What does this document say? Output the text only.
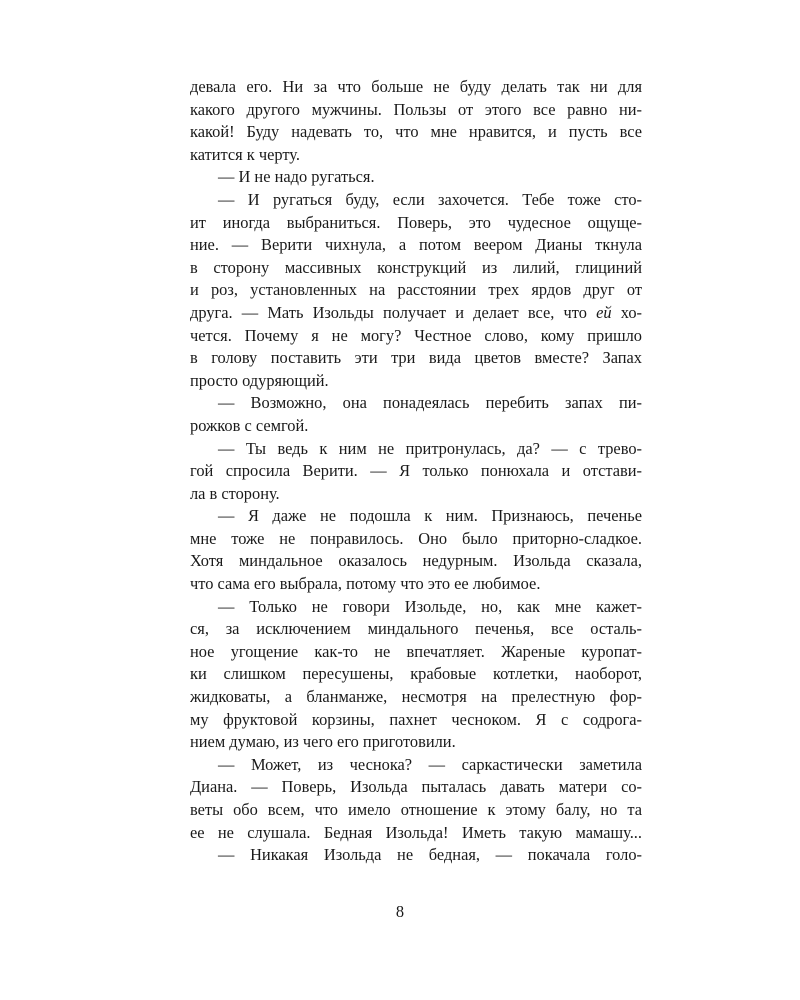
девала его. Ни за что больше не буду делать так ни для
какого другого мужчины. Пользы от этого все равно ни-
какой! Буду надевать то, что мне нравится, и пусть все
катится к черту.
— И не надо ругаться.
— И ругаться буду, если захочется. Тебе тоже сто-
ит иногда выбраниться. Поверь, это чудесное ощуще-
ние. — Верити чихнула, а потом веером Дианы ткнула
в сторону массивных конструкций из лилий, глициний
и роз, установленных на расстоянии трех ярдов друг от
друга. — Мать Изольды получает и делает все, что ей хо-
чется. Почему я не могу? Честное слово, кому пришло
в голову поставить эти три вида цветов вместе? Запах
просто одуряющий.
— Возможно, она понадеялась перебить запах пи-
рожков с семгой.
— Ты ведь к ним не притронулась, да? — с трево-
гой спросила Верити. — Я только понюхала и отстави-
ла в сторону.
— Я даже не подошла к ним. Признаюсь, печенье
мне тоже не понравилось. Оно было приторно-сладкое.
Хотя миндальное оказалось недурным. Изольда сказала,
что сама его выбрала, потому что это ее любимое.
— Только не говори Изольде, но, как мне кажет-
ся, за исключением миндального печенья, все осталь-
ное угощение как-то не впечатляет. Жареные куропат-
ки слишком пересушены, крабовые котлетки, наоборот,
жидковаты, а бланманже, несмотря на прелестную фор-
му фруктовой корзины, пахнет чесноком. Я с содрога-
нием думаю, из чего его приготовили.
— Может, из чеснока? — саркастически заметила
Диана. — Поверь, Изольда пыталась давать матери со-
веты обо всем, что имело отношение к этому балу, но та
ее не слушала. Бедная Изольда! Иметь такую мамашу...
— Никакая Изольда не бедная, — покачала голо-
8
